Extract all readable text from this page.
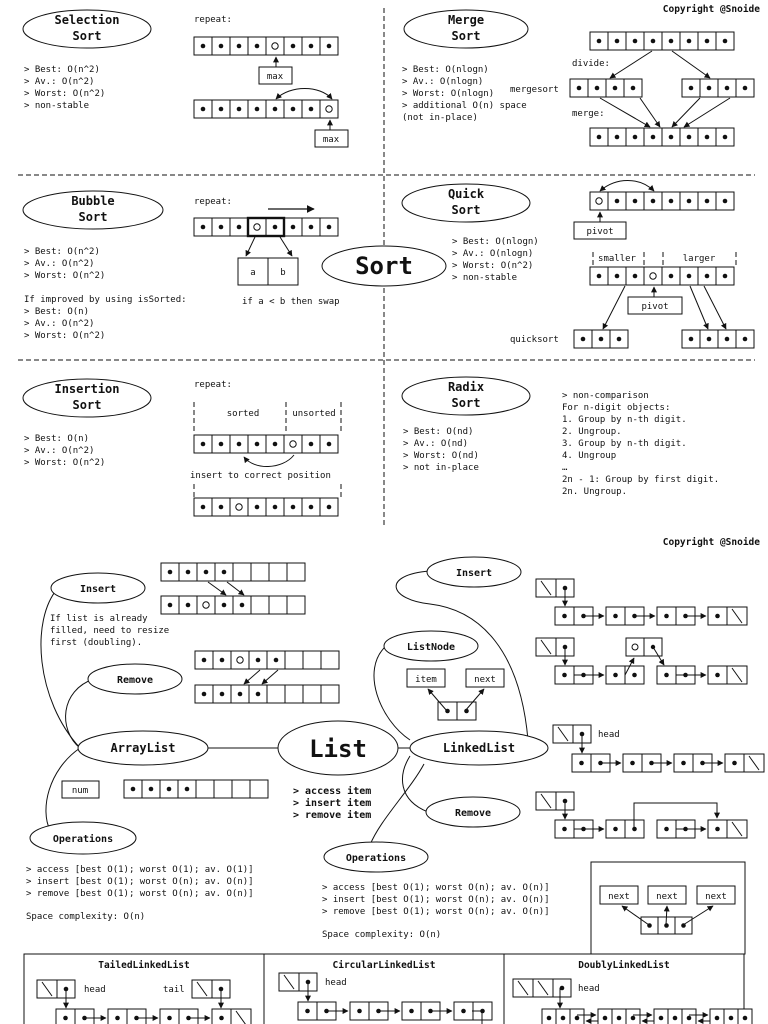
Copyright @Snoide
Sort
Selection
Sort
> Best: O(n^2)
> Av.: O(n^2)
> Worst: O(n^2)
> non-stable
repeat:
max
max
Merge
Sort
> Best: O(nlogn)
> Av.: O(nlogn)
> Worst: O(nlogn)
> additional O(n) space
(not in-place)
divide:
mergesort
merge:
Bubble
Sort
> Best: O(n^2)
> Av.: O(n^2)
> Worst: O(n^2)
If improved by using isSorted:
> Best: O(n)
> Av.: O(n^2)
> Worst: O(n^2)
repeat:
a	b
if a < b then swap
Quick
Sort
> Best: O(nlogn)
> Av.: O(nlogn)
> Worst: O(n^2)
> non-stable
pivot
smaller	larger
pivot
quicksort
Insertion
Sort
> Best: O(n)
> Av.: O(n^2)
> Worst: O(n^2)
repeat:
sorted	unsorted
insert to correct position
Radix
Sort
> Best: O(nd)
> Av.: O(nd)
> Worst: O(nd)
> not in-place
> non-comparison
For n-digit objects:
1. Group by n-th digit.
2. Ungroup.
3. Group by n-th digit.
4. Ungroup
…
2n - 1: Group by first digit.
2n. Ungroup.
Copyright @Snoide
List
> access item
> insert item
> remove item
ArrayList
Insert
If list is already
filled, need to resize
first (doubling).
Remove
num
Operations
> access [best O(1); worst O(1); av. O(1)]
> insert [best O(1); worst O(n); av. O(n)]
> remove [best O(1); worst O(n); av. O(n)]
Space complexity: O(n)
LinkedList
Insert
ListNode
item	next
Remove
Operations
> access [best O(1); worst O(n); av. O(n)]
> insert [best O(1); worst O(n); av. O(n)]
> remove [best O(1); worst O(n); av. O(n)]
Space complexity: O(n)
head
next	next	next
TailedLinkedList	CircularLinkedList	DoublyLinkedList
head	tail
head
head
